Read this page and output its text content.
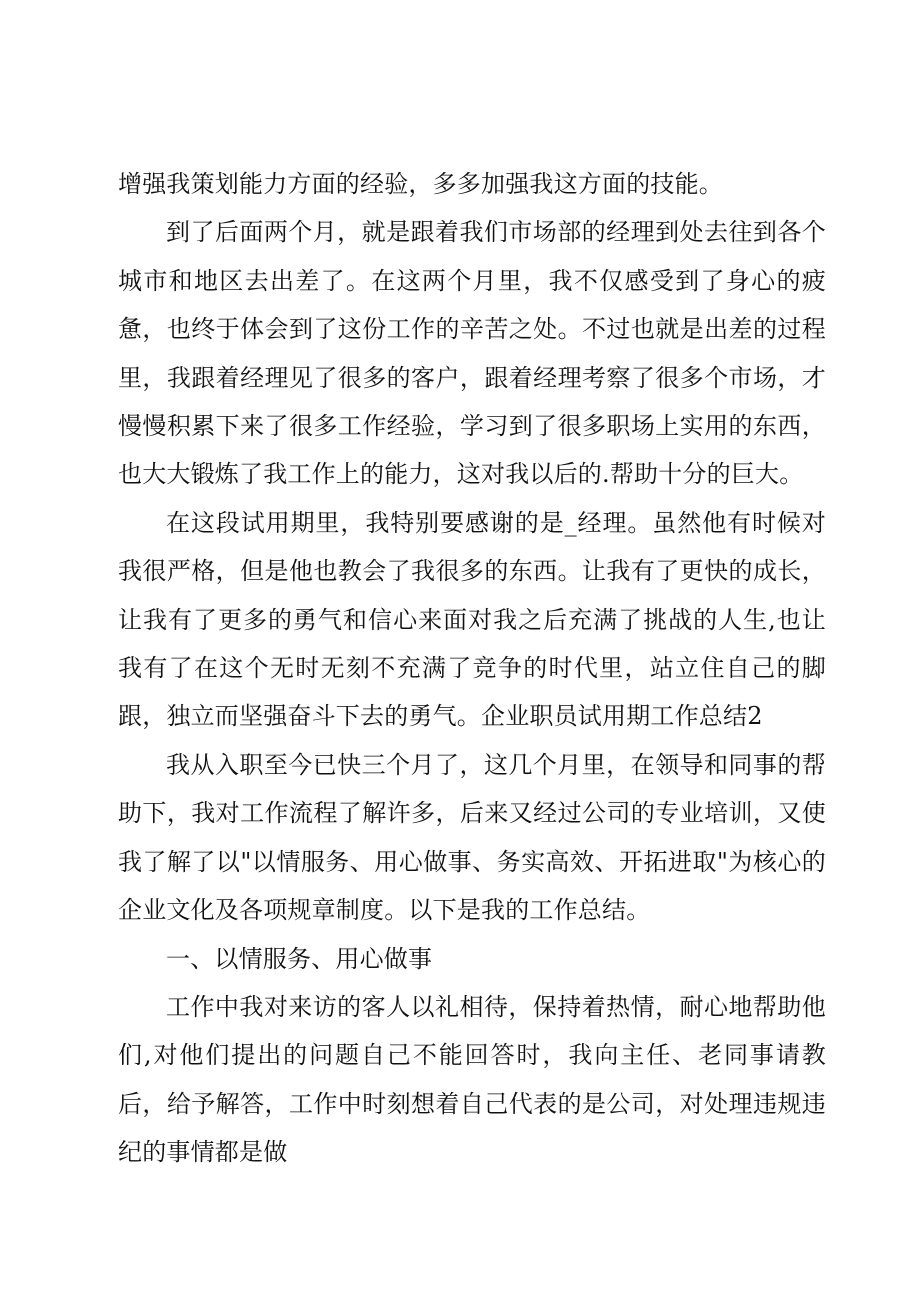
增强我策划能力方面的经验，多多加强我这方面的技能。

到了后面两个月，就是跟着我们市场部的经理到处去往到各个城市和地区去出差了。在这两个月里，我不仅感受到了身心的疲惫，也终于体会到了这份工作的辛苦之处。不过也就是出差的过程里，我跟着经理见了很多的客户，跟着经理考察了很多个市场，才慢慢积累下来了很多工作经验，学习到了很多职场上实用的东西，也大大锻炼了我工作上的能力，这对我以后的.帮助十分的巨大。

在这段试用期里，我特别要感谢的是_经理。虽然他有时候对我很严格，但是他也教会了我很多的东西。让我有了更快的成长，让我有了更多的勇气和信心来面对我之后充满了挑战的人生,也让我有了在这个无时无刻不充满了竞争的时代里，站立住自己的脚跟，独立而坚强奋斗下去的勇气。企业职员试用期工作总结2

我从入职至今已快三个月了，这几个月里，在领导和同事的帮助下，我对工作流程了解许多，后来又经过公司的专业培训，又使我了解了以"以情服务、用心做事、务实高效、开拓进取"为核心的企业文化及各项规章制度。以下是我的工作总结。

一、以情服务、用心做事

工作中我对来访的客人以礼相待，保持着热情，耐心地帮助他们,对他们提出的问题自己不能回答时，我向主任、老同事请教后，给予解答，工作中时刻想着自己代表的是公司，对处理违规违纪的事情都是做
